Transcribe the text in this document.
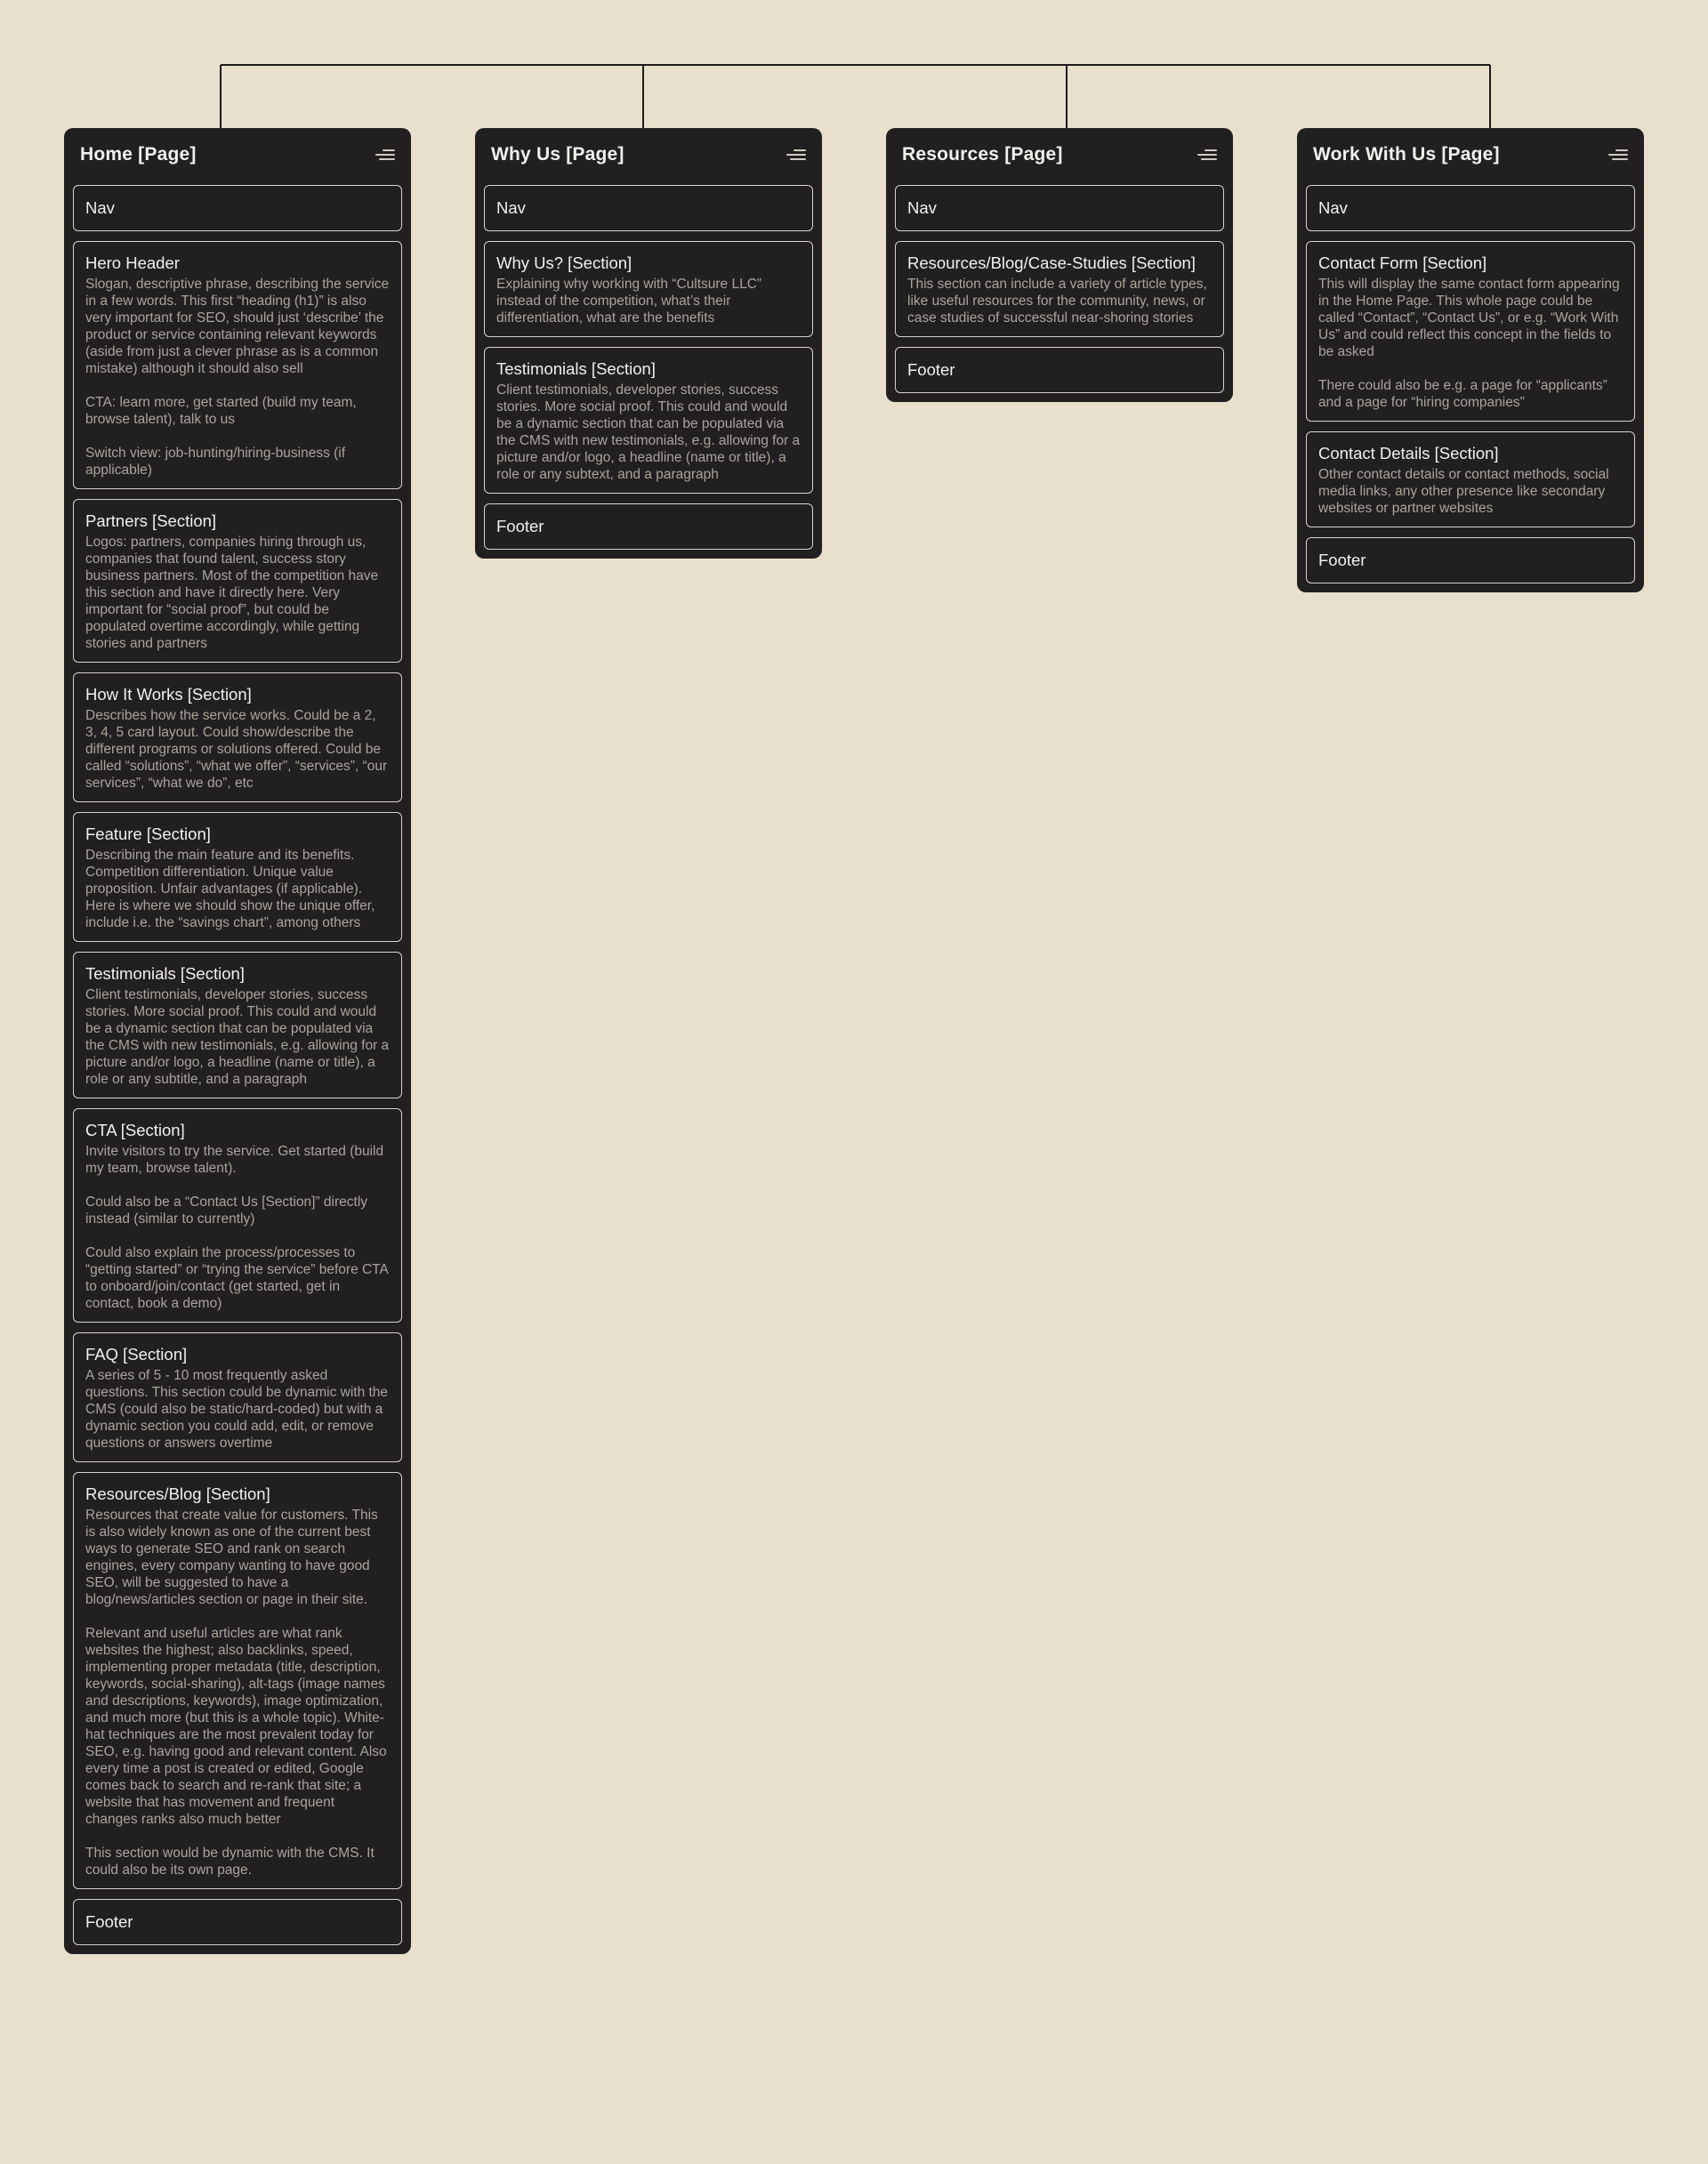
Home [Page]
Nav
Hero Header
Slogan, descriptive phrase, describing the service in a few words. This first “heading (h1)” is also very important for SEO, should just ‘describe’ the product or service containing relevant keywords (aside from just a clever phrase as is a common mistake) although it should also sell

CTA: learn more, get started (build my team, browse talent), talk to us

Switch view: job-hunting/hiring-business (if applicable)
Partners [Section]
Logos: partners, companies hiring through us, companies that found talent, success story business partners. Most of the competition have this section and have it directly here. Very important for “social proof”, but could be populated overtime accordingly, while getting stories and partners
How It Works [Section]
Describes how the service works. Could be a 2, 3, 4, 5 card layout. Could show/describe the different programs or solutions offered. Could be called “solutions”, “what we offer”, “services”, “our services”, “what we do”, etc
Feature [Section]
Describing the main feature and its benefits. Competition differentiation. Unique value proposition. Unfair advantages (if applicable). Here is where we should show the unique offer, include i.e. the “savings chart”, among others
Testimonials [Section]
Client testimonials, developer stories, success stories. More social proof. This could and would be a dynamic section that can be populated via the CMS with new testimonials, e.g. allowing for a picture and/or logo, a headline (name or title), a role or any subtitle, and a paragraph
CTA [Section]
Invite visitors to try the service. Get started (build my team, browse talent).

Could also be a “Contact Us [Section]” directly instead (similar to currently)

Could also explain the process/processes to “getting started” or “trying the service” before CTA to onboard/join/contact (get started, get in contact, book a demo)
FAQ [Section]
A series of 5 - 10 most frequently asked questions. This section could be dynamic with the CMS (could also be static/hard-coded) but with a dynamic section you could add, edit, or remove questions or answers overtime
Resources/Blog [Section]
Resources that create value for customers. This is also widely known as one of the current best ways to generate SEO and rank on search engines, every company wanting to have good SEO, will be suggested to have a blog/news/articles section or page in their site.

Relevant and useful articles are what rank websites the highest; also backlinks, speed, implementing proper metadata (title, description, keywords, social-sharing), alt-tags (image names and descriptions, keywords), image optimization, and much more (but this is a whole topic). White-hat techniques are the most prevalent today for SEO, e.g. having good and relevant content. Also every time a post is created or edited, Google comes back to search and re-rank that site; a website that has movement and frequent changes ranks also much better

This section would be dynamic with the CMS. It could also be its own page.
Footer
Why Us [Page]
Nav
Why Us? [Section]
Explaining why working with “Cultsure LLC” instead of the competition, what’s their differentiation, what are the benefits
Testimonials [Section]
Client testimonials, developer stories, success stories. More social proof. This could and would be a dynamic section that can be populated via the CMS with new testimonials, e.g. allowing for a picture and/or logo, a headline (name or title), a role or any subtext, and a paragraph
Footer
Resources [Page]
Nav
Resources/Blog/Case-Studies [Section]
This section can include a variety of article types, like useful resources for the community, news, or case studies of successful near-shoring stories
Footer
Work With Us [Page]
Nav
Contact Form [Section]
This will display the same contact form appearing in the Home Page. This whole page could be called “Contact”, “Contact Us”, or e.g. “Work With Us” and could reflect this concept in the fields to be asked

There could also be e.g. a page for “applicants” and a page for “hiring companies”
Contact Details [Section]
Other contact details or contact methods, social media links, any other presence like secondary websites or partner websites
Footer
